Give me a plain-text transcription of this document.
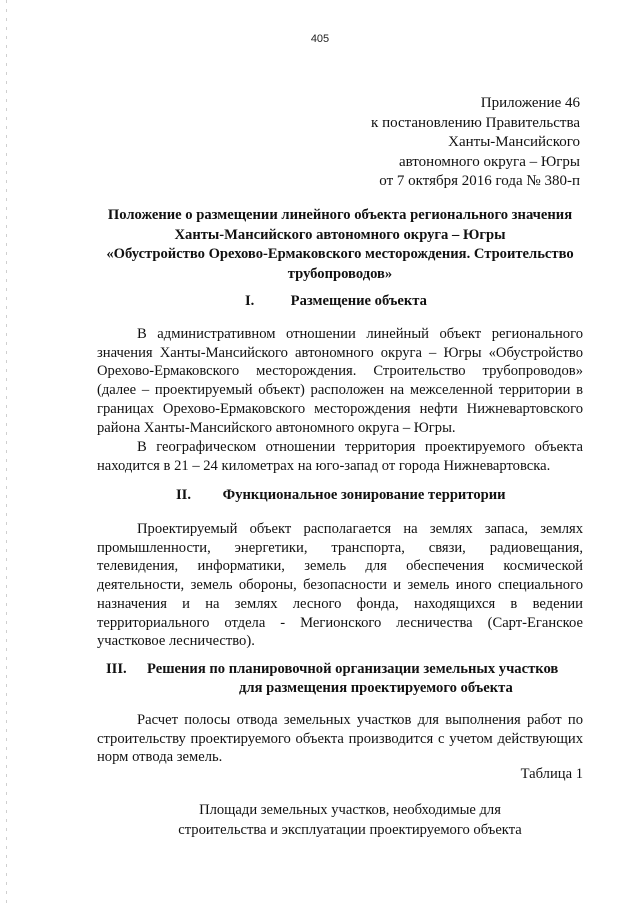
405
Приложение 46
к постановлению Правительства
Ханты-Мансийского
автономного округа – Югры
от 7 октября 2016 года № 380-п
Положение о размещении линейного объекта регионального значения
Ханты-Мансийского автономного округа – Югры
«Обустройство Орехово-Ермаковского месторождения. Строительство
трубопроводов»
I. Размещение объекта
В административном отношении линейный объект регионального значения Ханты-Мансийского автономного округа – Югры «Обустройство Орехово-Ермаковского месторождения. Строительство трубопроводов» (далее – проектируемый объект) расположен на межселенной территории в границах Орехово-Ермаковского месторождения нефти Нижневартовского района Ханты-Мансийского автономного округа – Югры.
В географическом отношении территория проектируемого объекта находится в 21 – 24 километрах на юго-запад от города Нижневартовска.
II. Функциональное зонирование территории
Проектируемый объект располагается на землях запаса, землях промышленности, энергетики, транспорта, связи, радиовещания, телевидения, информатики, земель для обеспечения космической деятельности, земель обороны, безопасности и земель иного специального назначения и на землях лесного фонда, находящихся в ведении территориального отдела - Мегионского лесничества (Сарт-Еганское участковое лесничество).
III. Решения по планировочной организации земельных участков
для размещения проектируемого объекта
Расчет полосы отвода земельных участков для выполнения работ по строительству проектируемого объекта производится с учетом действующих норм отвода земель.
Таблица 1
Площади земельных участков, необходимые для
строительства и эксплуатации проектируемого объекта
